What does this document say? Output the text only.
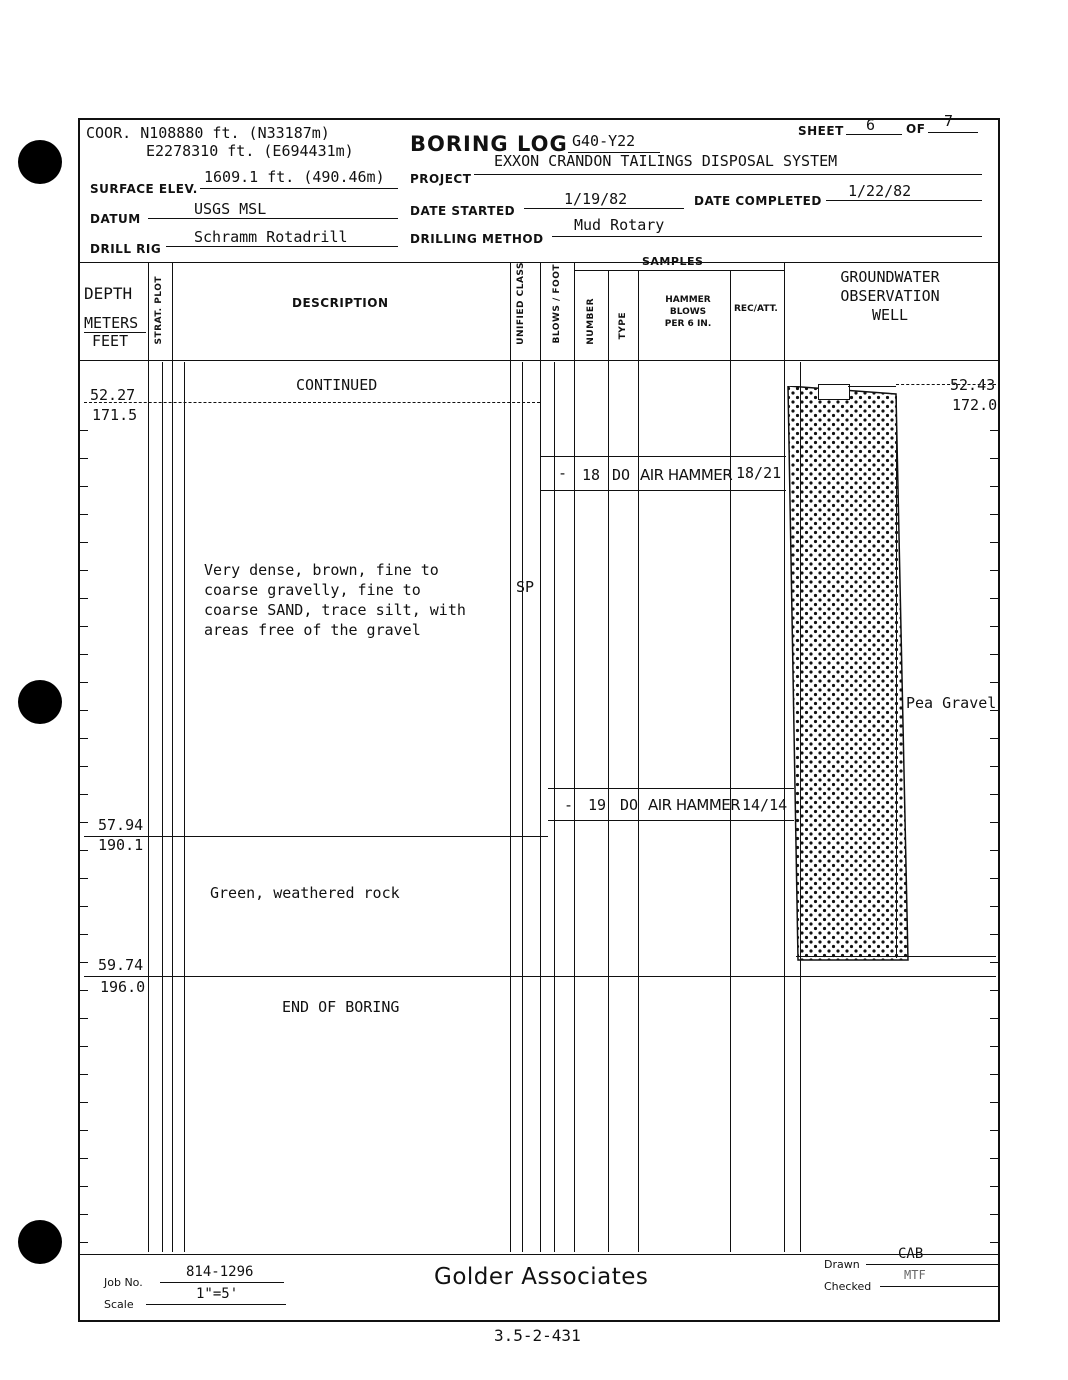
COOR. N108880 ft. (N33187m)
E2278310 ft. (E694431m)	BORING LOG G40-Y22
SHEET 6	OF 7
SURFACE ELEV.
1609.1 ft. (490.46m) PROJECT
EXXON CRANDON TAILINGS DISPOSAL SYSTEM
DATUM
USGS MSL	DATE STARTED
1/19/82	DATE COMPLETED
1/22/82
DRILL RIG
Schramm Rotadrill	DRILLING METHOD
Mud Rotary
DEPTH
METERS
FEET	STRAT. PLOT	DESCRIPTION	UNIFIED CLASS	BLOWS / FOOT
SAMPLES
NUMBER TYPE
HAMMER
BLOWS
PER 6 IN.
REC/ATT.
GROUNDWATER
OBSERVATION
WELL
52.27
171.5
57.94
190.1
59.74
196.0
CONTINUED
Very dense, brown, fine to
coarse gravelly, fine to
coarse SAND, trace silt, with
areas free of the gravel
SP
Green, weathered rock
END OF BORING
- 18 DO AIR HAMMER 18/21
- 19 DO AIR HAMMER 14/14
52.43
172.0
Pea Gravel
Job No.
814-1296
Scale
1"=5'
Golder Associates	Drawn
CAB
Checked
MTF
3.5-2-431
